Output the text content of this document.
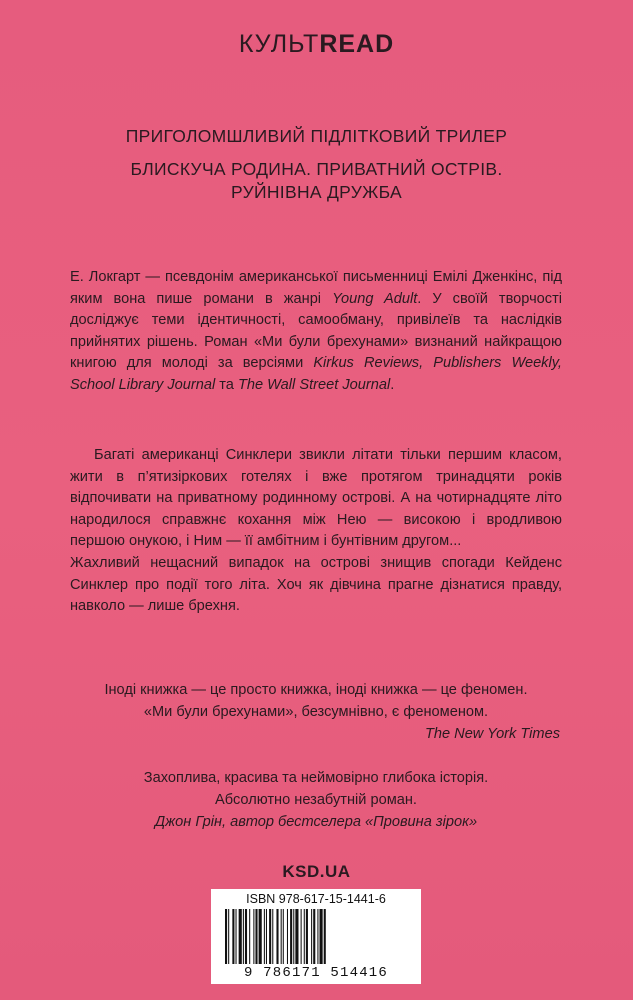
КУЛЬТREAD
ПРИГОЛОМШЛИВИЙ ПІДЛІТКОВИЙ ТРИЛЕР
БЛИСКУЧА РОДИНА. ПРИВАТНИЙ ОСТРІВ.
РУЙНІВНА ДРУЖБА
Е. Локгарт — псевдонім американської письменниці Емілі Дженкінс, під яким вона пише романи в жанрі Young Adult. У своїй творчості досліджує теми ідентичності, самообману, привілеїв та наслідків прийнятих рішень. Роман «Ми були брехунами» визнаний найкращою книгою для молоді за версіями Kirkus Reviews, Publishers Weekly, School Library Journal та The Wall Street Journal.
Багаті американці Синклери звикли літати тільки першим класом, жити в п’ятизіркових готелях і вже протягом тринадцяти років відпочивати на приватному родинному острові. А на чотирнадцяте літо народилося справжнє кохання між Нею — високою і вродливою першою онукою, і Ним — її амбітним і бунтівним другом...
Жахливий нещасний випадок на острові знищив спогади Кейденс Синклер про події того літа. Хоч як дівчина прагне дізнатися правду, навколо — лише брехня.
Іноді книжка — це просто книжка, іноді книжка — це феномен.
«Ми були брехунами», безсумнівно, є феноменом.
The New York Times
Захоплива, красива та неймовірно глибока історія.
Абсолютно незабутній роман.
Джон Грін, автор бестселера «Провина зірок»
KSD.UA
ISBN 978-617-15-1441-6
9 786171 514416
